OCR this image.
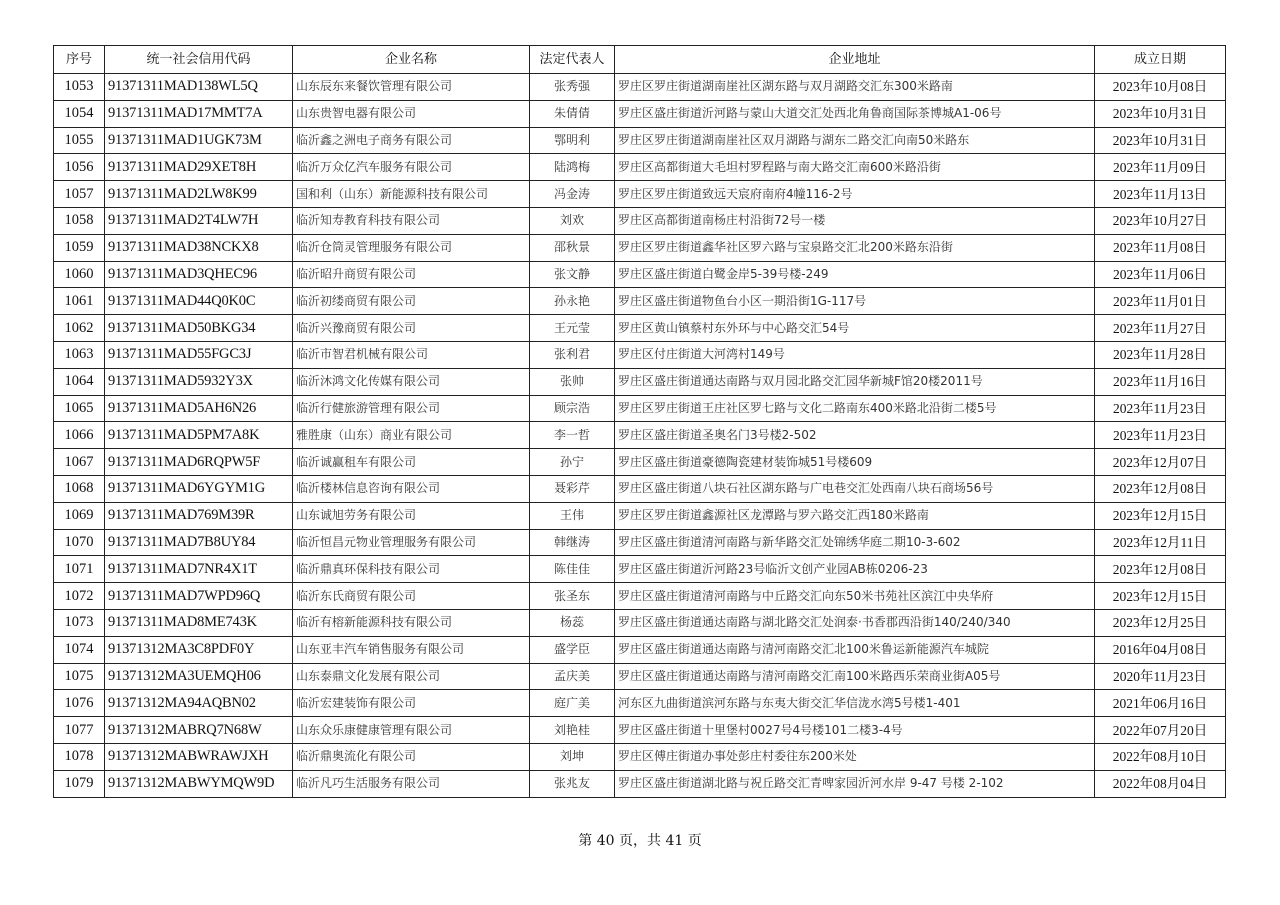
序号	统一社会信用代码	企业名称	法定代表人	企业地址	成立日期
1053	91371311MAD138WL5Q	山东辰东来餐饮管理有限公司	张秀强	罗庄区罗庄街道湖南崖社区湖东路与双月湖路交汇东300米路南	2023年10月08日
1054	91371311MAD17MMT7A	山东贵智电器有限公司	朱倩倩	罗庄区盛庄街道沂河路与蒙山大道交汇处西北角鲁商国际茶博城A1-06号	2023年10月31日
1055	91371311MAD1UGK73M	临沂鑫之洲电子商务有限公司	鄂明利	罗庄区罗庄街道湖南崖社区双月湖路与湖东二路交汇向南50米路东	2023年10月31日
1056	91371311MAD29XET8H	临沂万众亿汽车服务有限公司	陆鸿梅	罗庄区高都街道大毛坦村罗程路与南大路交汇南600米路沿街	2023年11月09日
1057	91371311MAD2LW8K99	国和利（山东）新能源科技有限公司	冯金涛	罗庄区罗庄街道致远天宸府南府4幢116-2号	2023年11月13日
1058	91371311MAD2T4LW7H	临沂知寿教育科技有限公司	刘欢	罗庄区高都街道南杨庄村沿街72号一楼	2023年10月27日
1059	91371311MAD38NCKX8	临沂仓筒灵管理服务有限公司	邵秋景	罗庄区罗庄街道鑫华社区罗六路与宝泉路交汇北200米路东沿街	2023年11月08日
1060	91371311MAD3QHEC96	临沂昭升商贸有限公司	张文静	罗庄区盛庄街道白鹭金岸5-39号楼-249	2023年11月06日
1061	91371311MAD44Q0K0C	临沂初缕商贸有限公司	孙永艳	罗庄区盛庄街道物鱼台小区一期沿街1G-117号	2023年11月01日
1062	91371311MAD50BKG34	临沂兴豫商贸有限公司	王元莹	罗庄区黄山镇蔡村东外环与中心路交汇54号	2023年11月27日
1063	91371311MAD55FGC3J	临沂市智君机械有限公司	张利君	罗庄区付庄街道大河湾村149号	2023年11月28日
1064	91371311MAD5932Y3X	临沂沐鸿文化传媒有限公司	张帅	罗庄区盛庄街道通达南路与双月园北路交汇园华新城F馆20楼2011号	2023年11月16日
1065	91371311MAD5AH6N26	临沂行健旅游管理有限公司	顾宗浩	罗庄区罗庄街道王庄社区罗七路与文化二路南东400米路北沿街二楼5号	2023年11月23日
1066	91371311MAD5PM7A8K	雅胜康（山东）商业有限公司	李一哲	罗庄区盛庄街道圣奥名门3号楼2-502	2023年11月23日
1067	91371311MAD6RQPW5F	临沂诚赢租车有限公司	孙宁	罗庄区盛庄街道豪德陶瓷建材装饰城51号楼609	2023年12月07日
1068	91371311MAD6YGYM1G	临沂楼林信息咨询有限公司	聂彩芹	罗庄区盛庄街道八块石社区湖东路与广电巷交汇处西南八块石商场56号	2023年12月08日
1069	91371311MAD769M39R	山东诚旭劳务有限公司	王伟	罗庄区罗庄街道鑫源社区龙潭路与罗六路交汇西180米路南	2023年12月15日
1070	91371311MAD7B8UY84	临沂恒昌元物业管理服务有限公司	韩继涛	罗庄区盛庄街道清河南路与新华路交汇处锦绣华庭二期10-3-602	2023年12月11日
1071	91371311MAD7NR4X1T	临沂鼎真环保科技有限公司	陈佳佳	罗庄区盛庄街道沂河路23号临沂文创产业园AB栋0206-23	2023年12月08日
1072	91371311MAD7WPD96Q	临沂东氏商贸有限公司	张圣东	罗庄区盛庄街道清河南路与中丘路交汇向东50米书苑社区滨江中央华府	2023年12月15日
1073	91371311MAD8ME743K	临沂有榕新能源科技有限公司	杨蕊	罗庄区盛庄街道通达南路与湖北路交汇处润泰·书香郡西沿街140/240/340	2023年12月25日
1074	91371312MA3C8PDF0Y	山东亚丰汽车销售服务有限公司	盛学臣	罗庄区盛庄街道通达南路与清河南路交汇北100米鲁运新能源汽车城院	2016年04月08日
1075	91371312MA3UEMQH06	山东泰鼎文化发展有限公司	孟庆美	罗庄区盛庄街道通达南路与清河南路交汇南100米路西乐荣商业街A05号	2020年11月23日
1076	91371312MA94AQBN02	临沂宏建装饰有限公司	庭广美	河东区九曲街道滨河东路与东夷大街交汇华信泷水湾5号楼1-401	2021年06月16日
1077	91371312MABRQ7N68W	山东众乐康健康管理有限公司	刘艳桂	罗庄区盛庄街道十里堡村0027号4号楼101二楼3-4号	2022年07月20日
1078	91371312MABWRAWJXH	临沂鼎奥流化有限公司	刘坤	罗庄区傅庄街道办事处彭庄村委往东200米处	2022年08月10日
1079	91371312MABWYMQW9D	临沂凡巧生活服务有限公司	张兆友	罗庄区盛庄街道湖北路与祝丘路交汇青啤家园沂河水岸 9-47 号楼 2-102	2022年08月04日
第 40 页，共 41 页
